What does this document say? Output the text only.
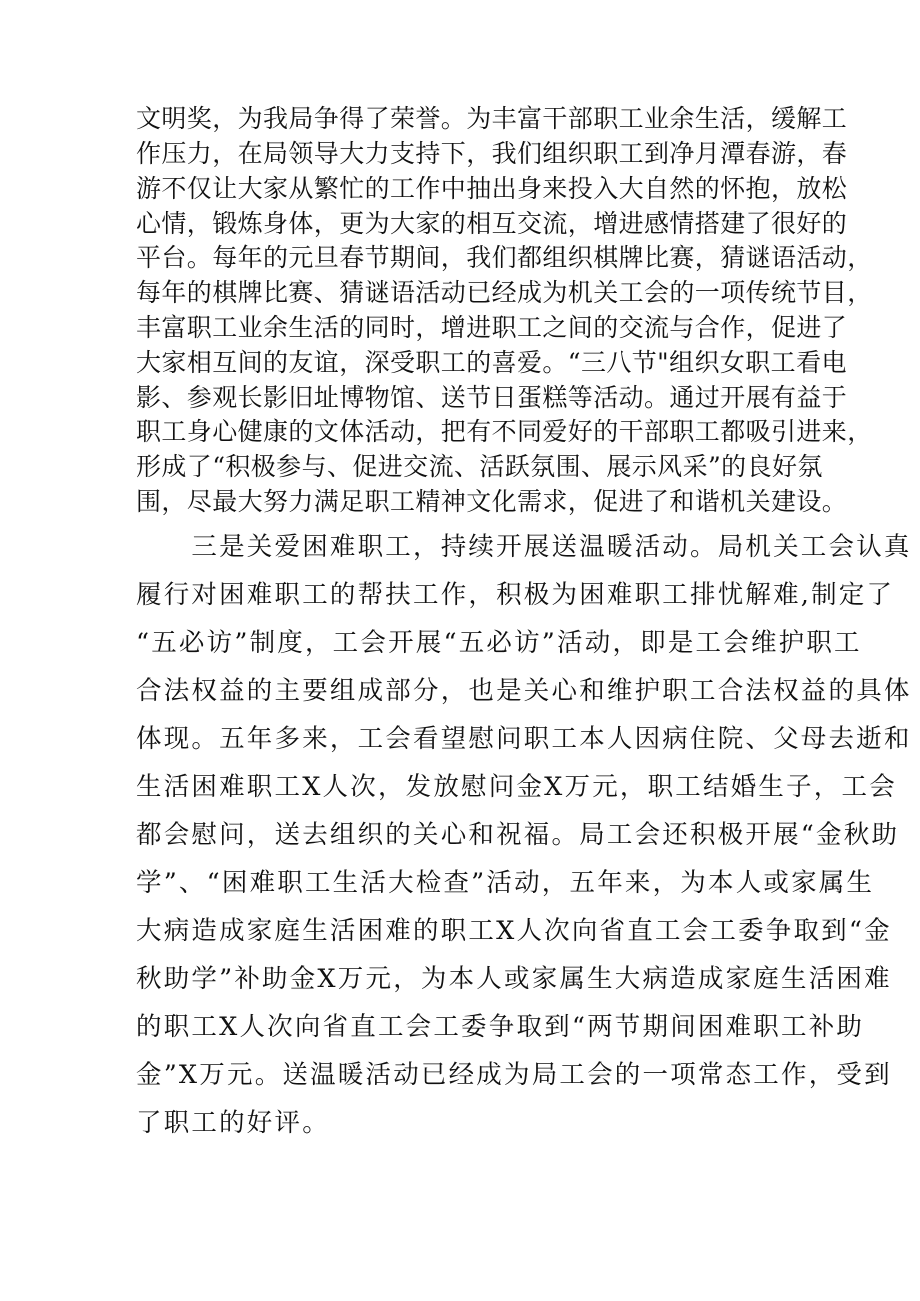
文明奖，为我局争得了荣誉。为丰富干部职工业余生活，缓解工
作压力，在局领导大力支持下，我们组织职工到净月潭春游，春
游不仅让大家从繁忙的工作中抽出身来投入大自然的怀抱，放松
心情，锻炼身体，更为大家的相互交流，增进感情搭建了很好的
平台。每年的元旦春节期间，我们都组织棋牌比赛，猜谜语活动，
每年的棋牌比赛、猜谜语活动已经成为机关工会的一项传统节目，
丰富职工业余生活的同时，增进职工之间的交流与合作，促进了
大家相互间的友谊，深受职工的喜爱。“三八节"组织女职工看电
影、参观长影旧址博物馆、送节日蛋糕等活动。通过开展有益于
职工身心健康的文体活动，把有不同爱好的干部职工都吸引进来，
形成了“积极参与、促进交流、活跃氛围、展示风采”的良好氛
围，尽最大努力满足职工精神文化需求，促进了和谐机关建设。
　　三是关爱困难职工，持续开展送温暖活动。局机关工会认真
履行对困难职工的帮扶工作，积极为困难职工排忧解难,制定了
“五必访”制度，工会开展“五必访”活动，即是工会维护职工
合法权益的主要组成部分，也是关心和维护职工合法权益的具体
体现。五年多来，工会看望慰问职工本人因病住院、父母去逝和
生活困难职工X人次，发放慰问金X万元，职工结婚生子，工会
都会慰问，送去组织的关心和祝福。局工会还积极开展“金秋助
学”、“困难职工生活大检查”活动，五年来，为本人或家属生
大病造成家庭生活困难的职工X人次向省直工会工委争取到“金
秋助学”补助金X万元，为本人或家属生大病造成家庭生活困难
的职工X人次向省直工会工委争取到“两节期间困难职工补助
金”X万元。送温暖活动已经成为局工会的一项常态工作，受到
了职工的好评。
